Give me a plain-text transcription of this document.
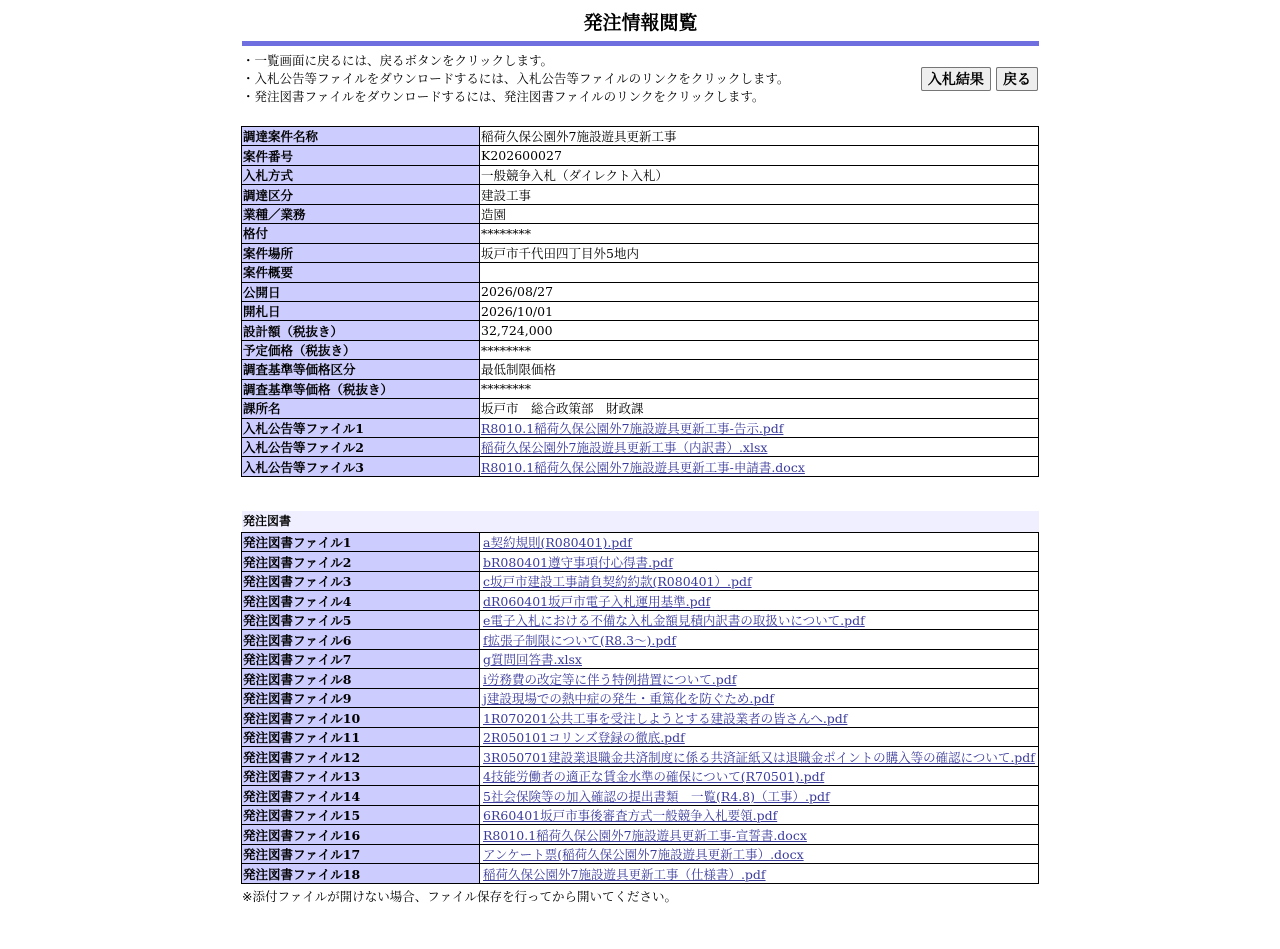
発注情報閲覧
・一覧画面に戻るには、戻るボタンをクリックします。
・入札公告等ファイルをダウンロードするには、入札公告等ファイルのリンクをクリックします。
・発注図書ファイルをダウンロードするには、発注図書ファイルのリンクをクリックします。
入札結果 戻る
調達案件名称	稲荷久保公園外7施設遊具更新工事
案件番号	K202600027
入札方式	一般競争入札（ダイレクト入札）
調達区分	建設工事
業種／業務	造園
格付	********
案件場所	坂戸市千代田四丁目外5地内
案件概要	
公開日	2026/08/27
開札日	2026/10/01
設計額（税抜き）	32,724,000
予定価格（税抜き）	********
調査基準等価格区分	最低制限価格
調査基準等価格（税抜き）	********
課所名	坂戸市　総合政策部　財政課
入札公告等ファイル1	R8010.1稲荷久保公園外7施設遊具更新工事-告示.pdf
入札公告等ファイル2	稲荷久保公園外7施設遊具更新工事（内訳書）.xlsx
入札公告等ファイル3	R8010.1稲荷久保公園外7施設遊具更新工事-申請書.docx
発注図書
発注図書ファイル1	a契約規則(R080401).pdf
発注図書ファイル2	bR080401遵守事項付心得書.pdf
発注図書ファイル3	c坂戸市建設工事請負契約約款(R080401）.pdf
発注図書ファイル4	dR060401坂戸市電子入札運用基準.pdf
発注図書ファイル5	e電子入札における不備な入札金額見積内訳書の取扱いについて.pdf
発注図書ファイル6	f拡張子制限について(R8.3～).pdf
発注図書ファイル7	g質問回答書.xlsx
発注図書ファイル8	i労務費の改定等に伴う特例措置について.pdf
発注図書ファイル9	j建設現場での熱中症の発生・重篤化を防ぐため.pdf
発注図書ファイル10	1R070201公共工事を受注しようとする建設業者の皆さんへ.pdf
発注図書ファイル11	2R050101コリンズ登録の徹底.pdf
発注図書ファイル12	3R050701建設業退職金共済制度に係る共済証紙又は退職金ポイントの購入等の確認について.pdf
発注図書ファイル13	4技能労働者の適正な賃金水準の確保について(R70501).pdf
発注図書ファイル14	5社会保険等の加入確認の提出書類　一覧(R4.8)（工事）.pdf
発注図書ファイル15	6R60401坂戸市事後審査方式一般競争入札要領.pdf
発注図書ファイル16	R8010.1稲荷久保公園外7施設遊具更新工事-宣誓書.docx
発注図書ファイル17	アンケート票(稲荷久保公園外7施設遊具更新工事）.docx
発注図書ファイル18	稲荷久保公園外7施設遊具更新工事（仕様書）.pdf
※添付ファイルが開けない場合、ファイル保存を行ってから開いてください。
